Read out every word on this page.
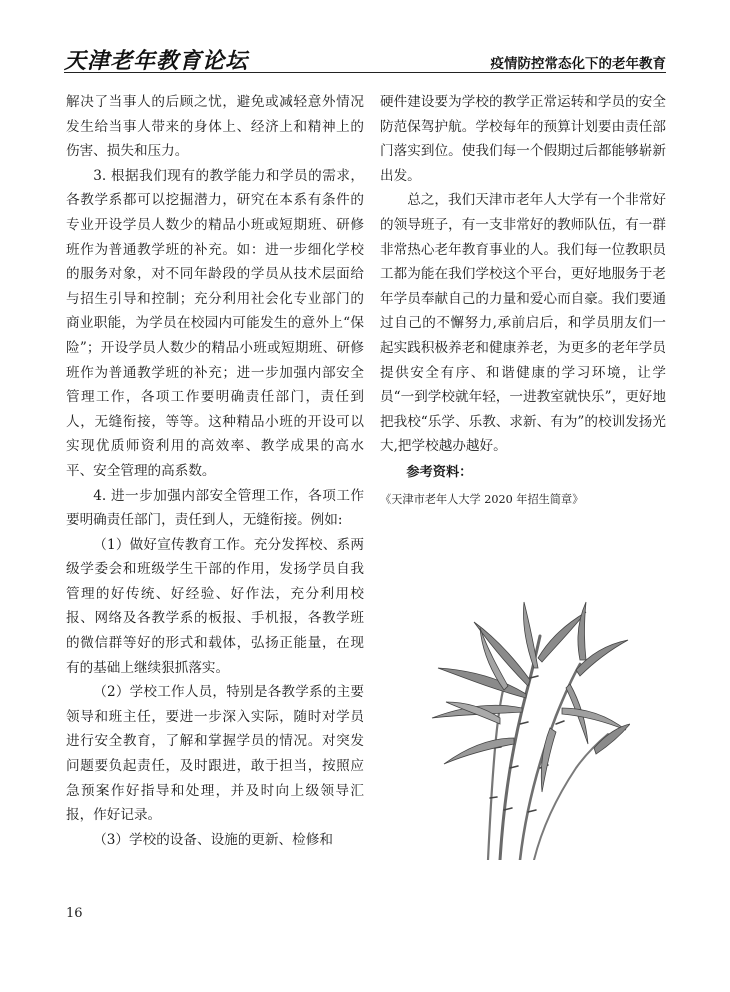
天津老年教育论坛	疫情防控常态化下的老年教育

解决了当事人的后顾之忧，避免或减轻意外情况发生给当事人带来的身体上、经济上和精神上的伤害、损失和压力。

3. 根据我们现有的教学能力和学员的需求，各教学系都可以挖掘潜力，研究在本系有条件的专业开设学员人数少的精品小班或短期班、研修班作为普通教学班的补充。如：进一步细化学校的服务对象，对不同年龄段的学员从技术层面给与招生引导和控制；充分利用社会化专业部门的商业职能，为学员在校园内可能发生的意外上“保险”；开设学员人数少的精品小班或短期班、研修班作为普通教学班的补充；进一步加强内部安全管理工作，各项工作要明确责任部门，责任到人，无缝衔接，等等。这种精品小班的开设可以实现优质师资利用的高效率、教学成果的高水平、安全管理的高系数。

4. 进一步加强内部安全管理工作，各项工作要明确责任部门，责任到人，无缝衔接。例如:

（1）做好宣传教育工作。充分发挥校、系两级学委会和班级学生干部的作用，发扬学员自我管理的好传统、好经验、好作法，充分利用校报、网络及各教学系的板报、手机报，各教学班的微信群等好的形式和载体，弘扬正能量，在现有的基础上继续狠抓落实。

（2）学校工作人员，特别是各教学系的主要领导和班主任，要进一步深入实际，随时对学员进行安全教育，了解和掌握学员的情况。对突发问题要负起责任，及时跟进，敢于担当，按照应急预案作好指导和处理，并及时向上级领导汇报，作好记录。

（3）学校的设备、设施的更新、检修和

硬件建设要为学校的教学正常运转和学员的安全防范保驾护航。学校每年的预算计划要由责任部门落实到位。使我们每一个假期过后都能够崭新出发。

总之，我们天津市老年人大学有一个非常好的领导班子，有一支非常好的教师队伍，有一群非常热心老年教育事业的人。我们每一位教职员工都为能在我们学校这个平台，更好地服务于老年学员奉献自己的力量和爱心而自豪。我们要通过自己的不懈努力,承前启后，和学员朋友们一起实践积极养老和健康养老，为更多的老年学员提供安全有序、和谐健康的学习环境，让学员“一到学校就年轻，一进教室就快乐”，更好地把我校“乐学、乐教、求新、有为”的校训发扬光大,把学校越办越好。

参考资料：

《天津市老年人大学 2020 年招生简章》

16
